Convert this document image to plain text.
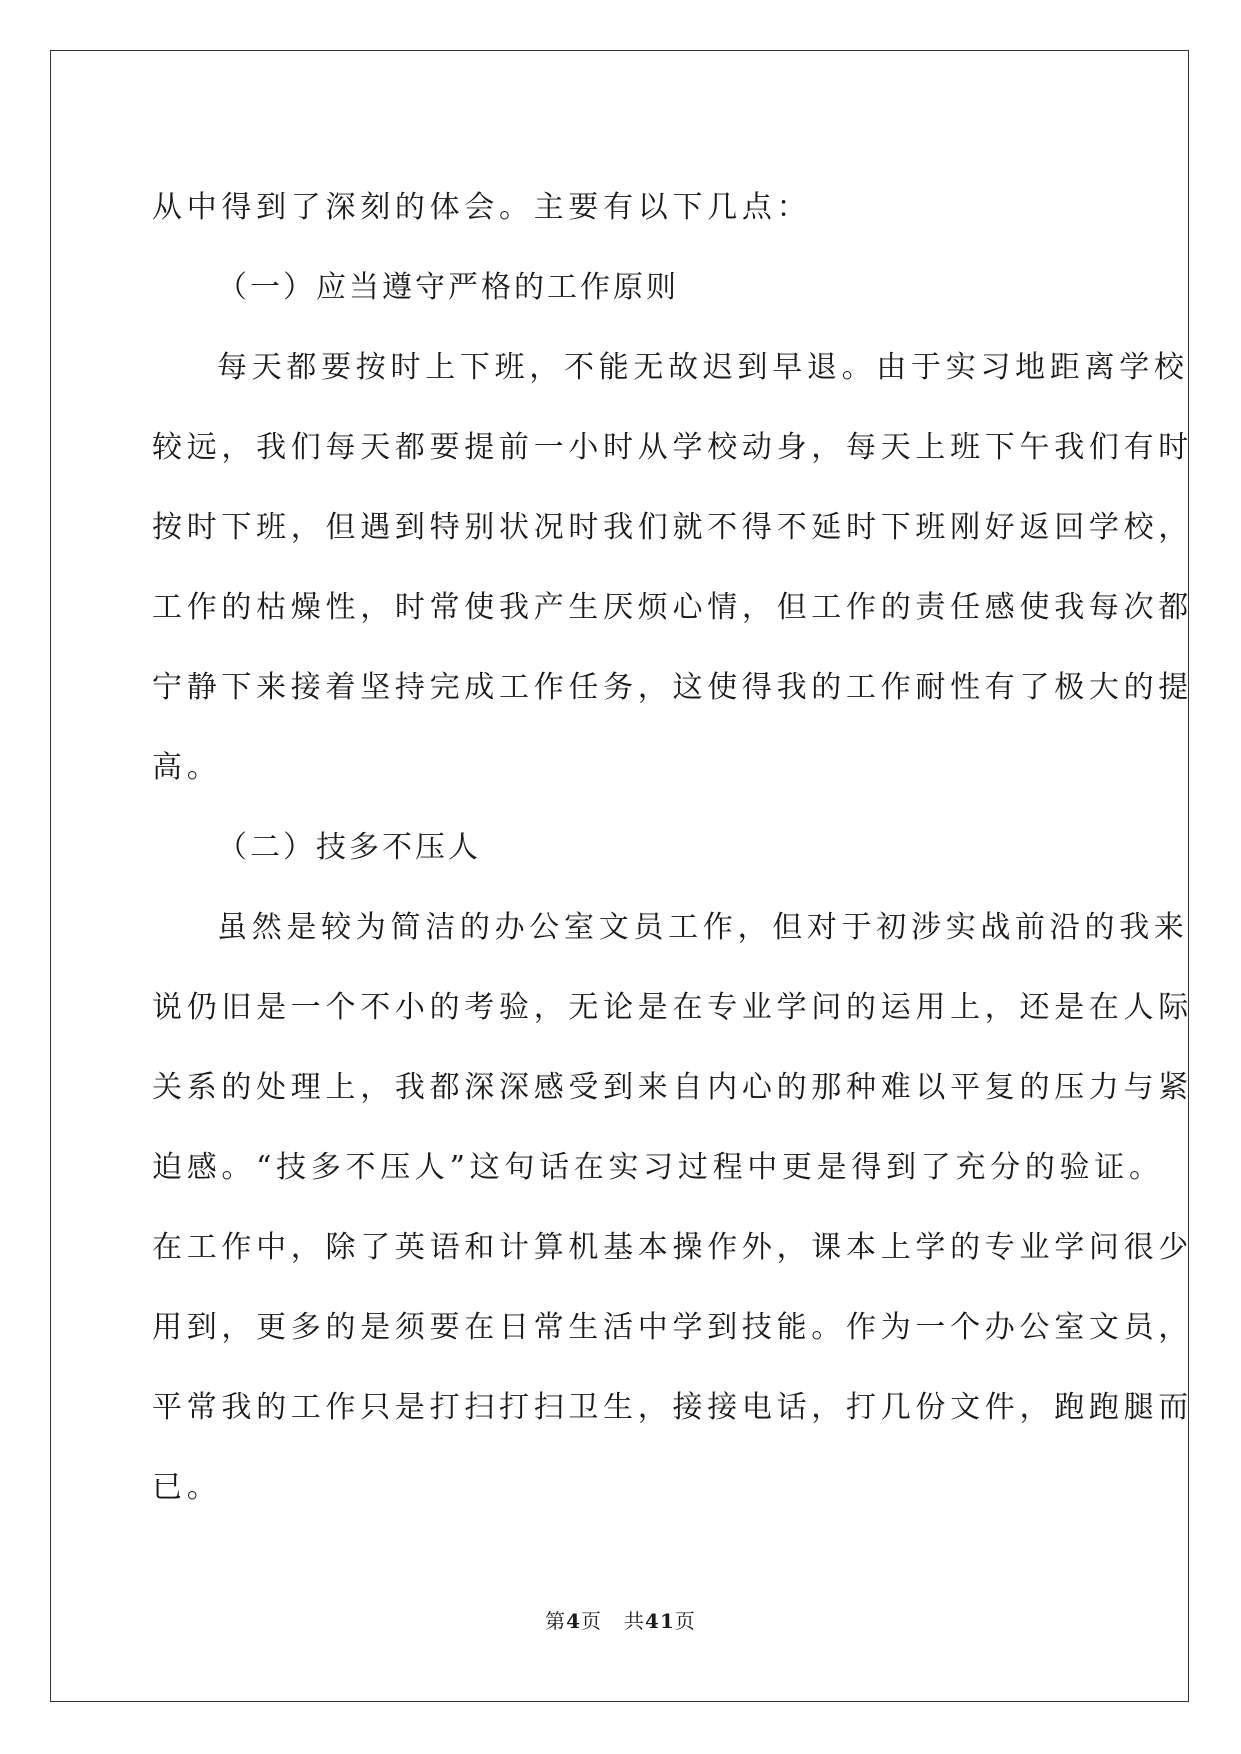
从中得到了深刻的体会。主要有以下几点：
（一）应当遵守严格的工作原则
每天都要按时上下班，不能无故迟到早退。由于实习地距离学校
较远，我们每天都要提前一小时从学校动身，每天上班下午我们有时
按时下班，但遇到特别状况时我们就不得不延时下班刚好返回学校，
工作的枯燥性，时常使我产生厌烦心情，但工作的责任感使我每次都
宁静下来接着坚持完成工作任务，这使得我的工作耐性有了极大的提
高。
（二）技多不压人
虽然是较为简洁的办公室文员工作，但对于初涉实战前沿的我来
说仍旧是一个不小的考验，无论是在专业学问的运用上，还是在人际
关系的处理上，我都深深感受到来自内心的那种难以平复的压力与紧
迫感。“技多不压人”这句话在实习过程中更是得到了充分的验证。
在工作中，除了英语和计算机基本操作外，课本上学的专业学问很少
用到，更多的是须要在日常生活中学到技能。作为一个办公室文员，
平常我的工作只是打扫打扫卫生，接接电话，打几份文件，跑跑腿而
已。
第4页 共41页
